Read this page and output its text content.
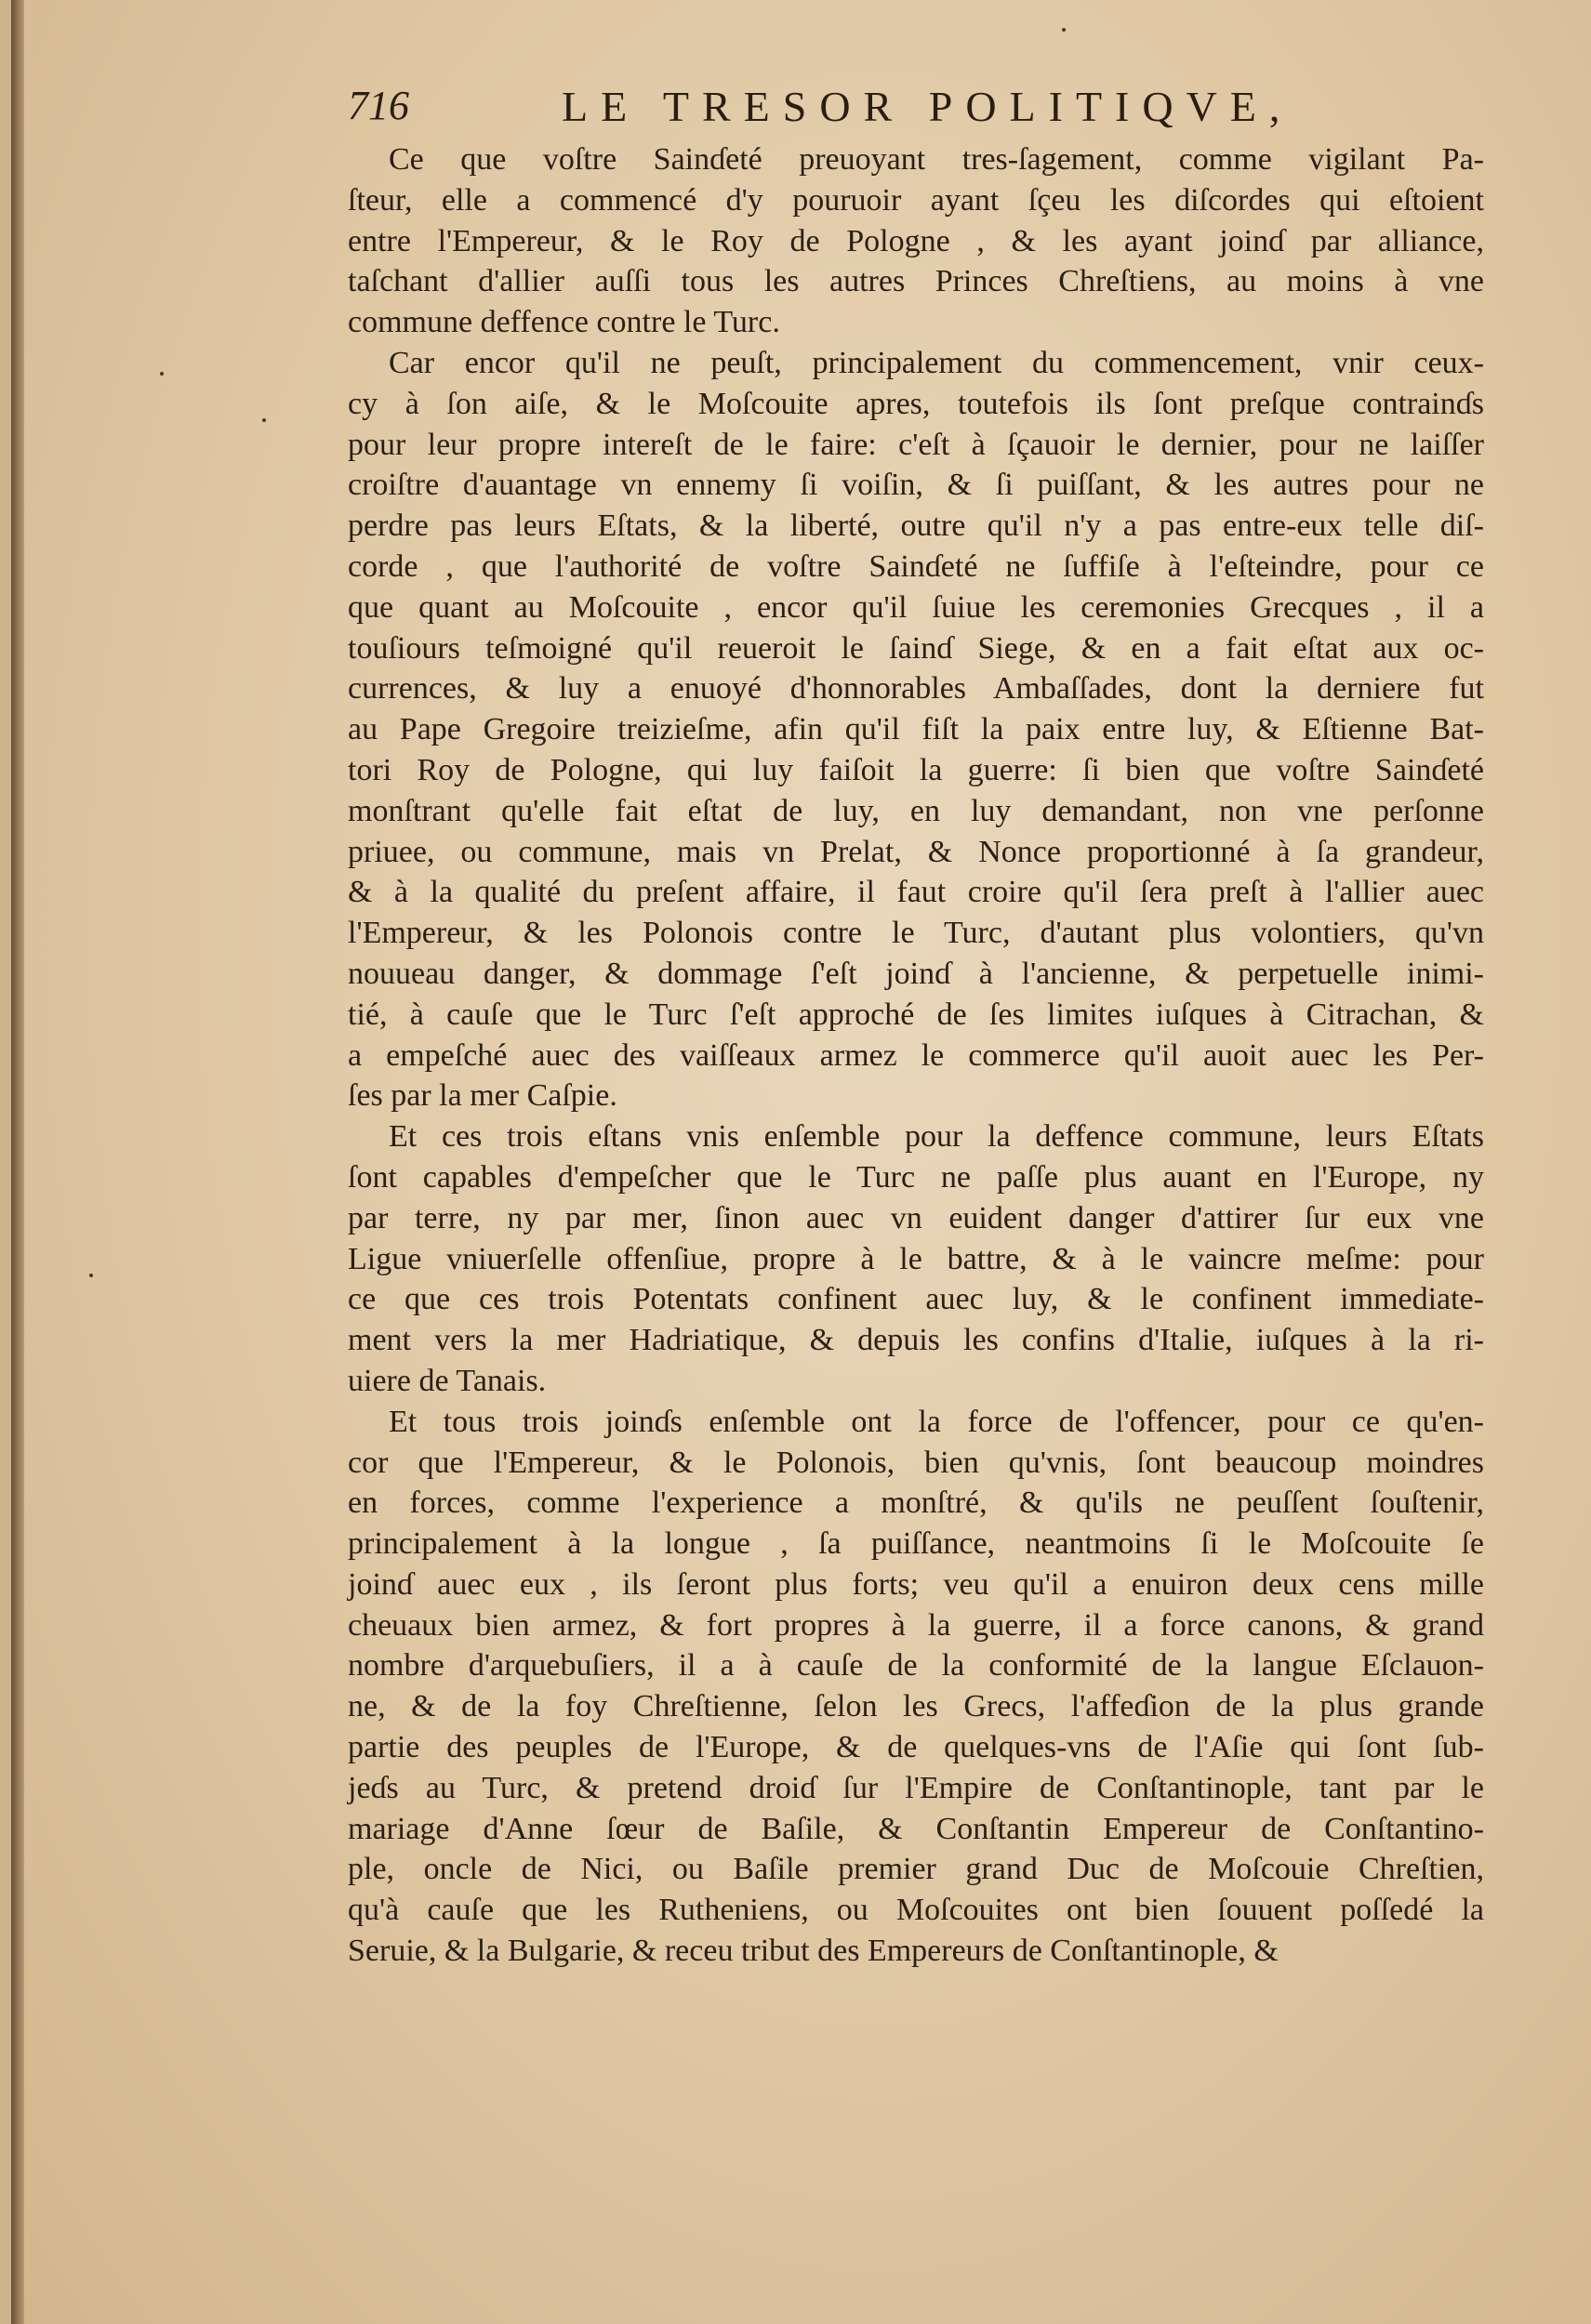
716	LE TRESOR POLITIQVE,
Ce que voſtre Sainɗeté preuoyant tres-ſagement, comme vigilant Pa-
ſteur, elle a commencé d'y pouruoir ayant ſçeu les diſcordes qui eſtoient
entre l'Empereur, & le Roy de Pologne , & les ayant joinɗ par alliance,
taſchant d'allier auſſi tous les autres Princes Chreſtiens, au moins à vne
commune deffence contre le Turc.
Car encor qu'il ne peuſt, principalement du commencement, vnir ceux-
cy à ſon aiſe, & le Moſcouite apres, toutefois ils ſont preſque contrainɗs
pour leur propre intereſt de le faire: c'eſt à ſçauoir le dernier, pour ne laiſſer
croiſtre d'auantage vn ennemy ſi voiſin, & ſi puiſſant, & les autres pour ne
perdre pas leurs Eſtats, & la liberté, outre qu'il n'y a pas entre-eux telle diſ-
corde , que l'authorité de voſtre Sainɗeté ne ſuffiſe à l'eſteindre, pour ce
que quant au Moſcouite , encor qu'il ſuiue les ceremonies Grecques , il a
touſiours teſmoigné qu'il reueroit le ſainɗ Siege, & en a fait eſtat aux oc-
currences, & luy a enuoyé d'honnorables Ambaſſades, dont la derniere fut
au Pape Gregoire treizieſme, afin qu'il fiſt la paix entre luy, & Eſtienne Bat-
tori Roy de Pologne, qui luy faiſoit la guerre: ſi bien que voſtre Sainɗeté
monſtrant qu'elle fait eſtat de luy, en luy demandant, non vne perſonne
priuee, ou commune, mais vn Prelat, & Nonce proportionné à ſa grandeur,
& à la qualité du preſent affaire, il faut croire qu'il ſera preſt à l'allier auec
l'Empereur, & les Polonois contre le Turc, d'autant plus volontiers, qu'vn
nouueau danger, & dommage ſ'eſt joinɗ à l'ancienne, & perpetuelle inimi-
tié, à cauſe que le Turc ſ'eſt approché de ſes limites iuſques à Citrachan, &
a empeſché auec des vaiſſeaux armez le commerce qu'il auoit auec les Per-
ſes par la mer Caſpie.
Et ces trois eſtans vnis enſemble pour la deffence commune, leurs Eſtats
ſont capables d'empeſcher que le Turc ne paſſe plus auant en l'Europe, ny
par terre, ny par mer, ſinon auec vn euident danger d'attirer ſur eux vne
Ligue vniuerſelle offenſiue, propre à le battre, & à le vaincre meſme: pour
ce que ces trois Potentats confinent auec luy, & le confinent immediate-
ment vers la mer Hadriatique, & depuis les confins d'Italie, iuſques à la ri-
uiere de Tanais.
Et tous trois joinɗs enſemble ont la force de l'offencer, pour ce qu'en-
cor que l'Empereur, & le Polonois, bien qu'vnis, ſont beaucoup moindres
en forces, comme l'experience a monſtré, & qu'ils ne peuſſent ſouſtenir,
principalement à la longue , ſa puiſſance, neantmoins ſi le Moſcouite ſe
joinɗ auec eux , ils ſeront plus forts; veu qu'il a enuiron deux cens mille
cheuaux bien armez, & fort propres à la guerre, il a force canons, & grand
nombre d'arquebuſiers, il a à cauſe de la conformité de la langue Eſclauon-
ne, & de la foy Chreſtienne, ſelon les Grecs, l'affeɗion de la plus grande
partie des peuples de l'Europe, & de quelques-vns de l'Aſie qui ſont ſub-
jeɗs au Turc, & pretend droiɗ ſur l'Empire de Conſtantinople, tant par le
mariage d'Anne ſœur de Baſile, & Conſtantin Empereur de Conſtantino-
ple, oncle de Nici, ou Baſile premier grand Duc de Moſcouie Chreſtien,
qu'à cauſe que les Rutheniens, ou Moſcouites ont bien ſouuent poſſedé la
Seruie, & la Bulgarie, & receu tribut des Empereurs de Conſtantinople, &
